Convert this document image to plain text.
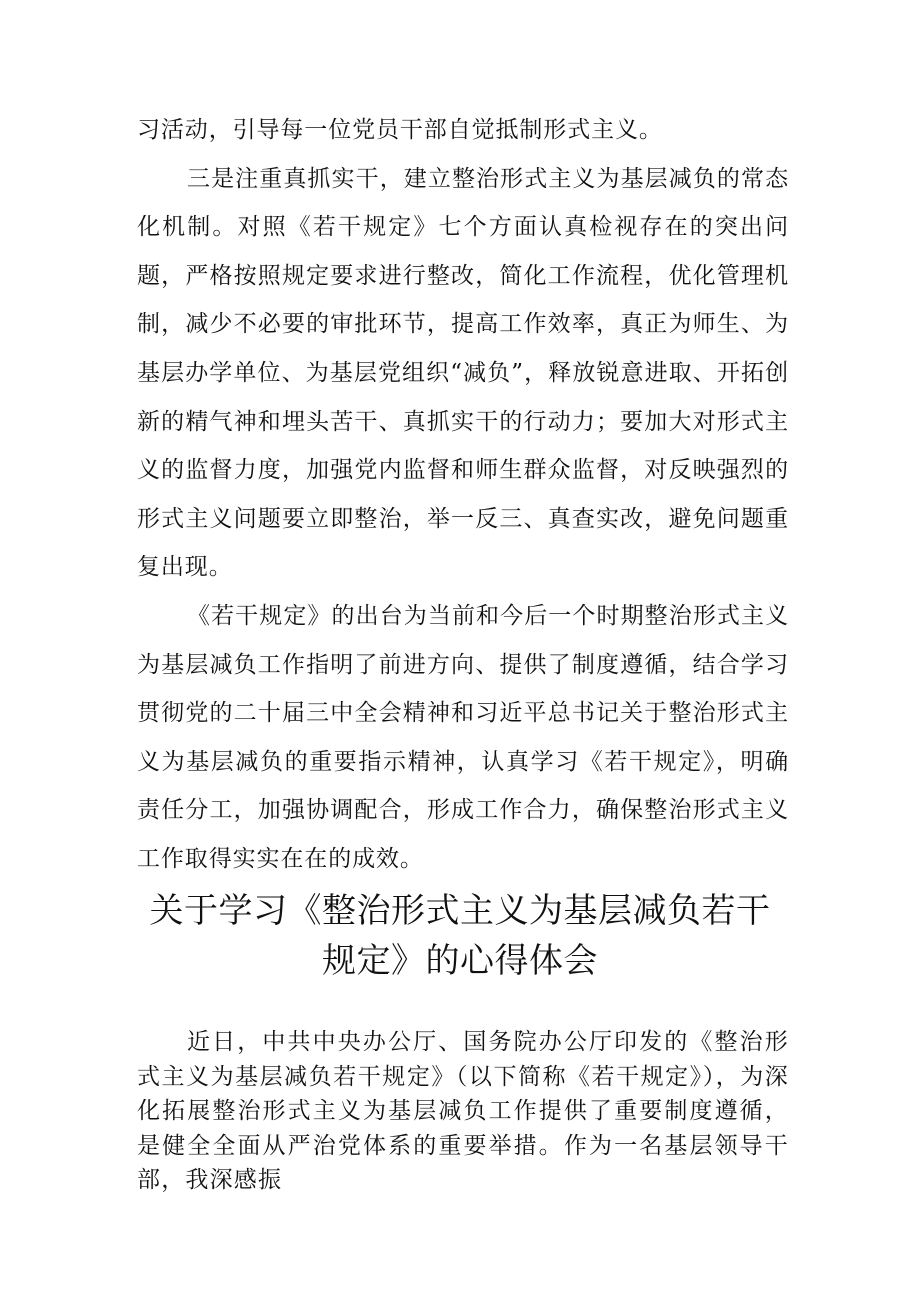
习活动，引导每一位党员干部自觉抵制形式主义。

三是注重真抓实干，建立整治形式主义为基层减负的常态化机制。对照《若干规定》七个方面认真检视存在的突出问题，严格按照规定要求进行整改，简化工作流程，优化管理机制，减少不必要的审批环节，提高工作效率，真正为师生、为基层办学单位、为基层党组织“减负”，释放锐意进取、开拓创新的精气神和埋头苦干、真抓实干的行动力；要加大对形式主义的监督力度，加强党内监督和师生群众监督，对反映强烈的形式主义问题要立即整治，举一反三、真查实改，避免问题重复出现。

《若干规定》的出台为当前和今后一个时期整治形式主义为基层减负工作指明了前进方向、提供了制度遵循，结合学习贯彻党的二十届三中全会精神和习近平总书记关于整治形式主义为基层减负的重要指示精神，认真学习《若干规定》，明确责任分工，加强协调配合，形成工作合力，确保整治形式主义工作取得实实在在的成效。

关于学习《整治形式主义为基层减负若干
规定》的心得体会

近日，中共中央办公厅、国务院办公厅印发的《整治形式主义为基层减负若干规定》（以下简称《若干规定》），为深化拓展整治形式主义为基层减负工作提供了重要制度遵循，是健全全面从严治党体系的重要举措。作为一名基层领导干部，我深感振
